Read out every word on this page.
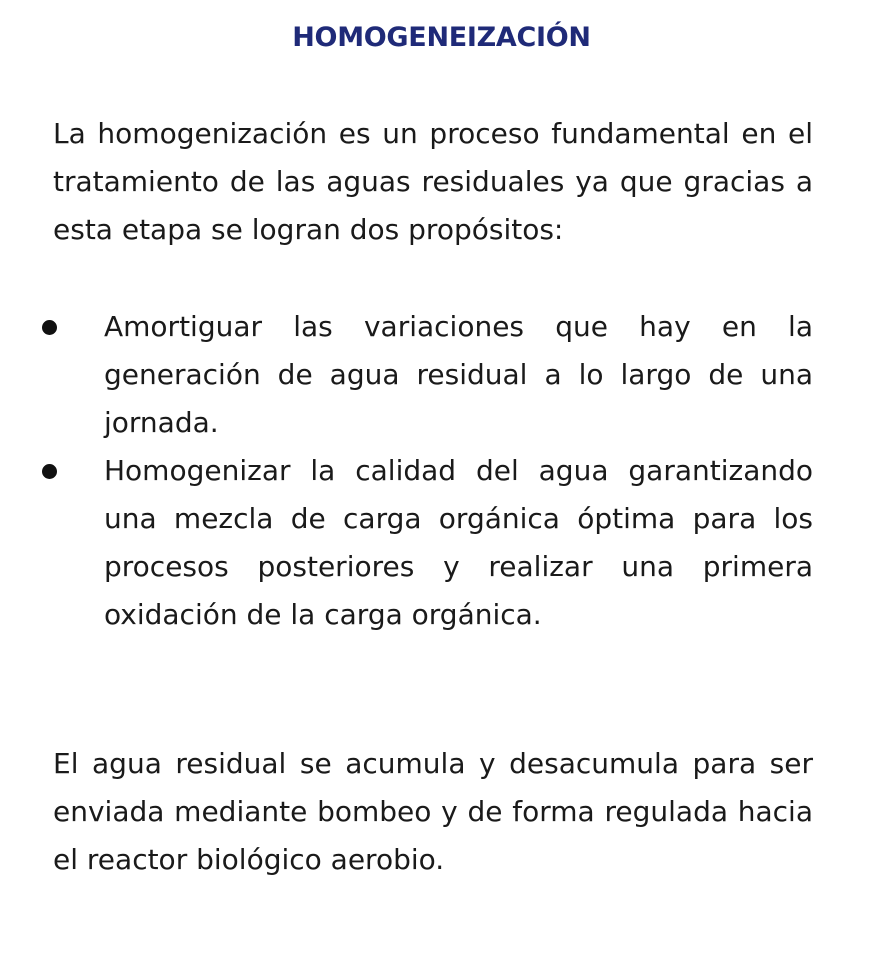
HOMOGENEIZACIÓN
La homogenización es un proceso fundamental en el tratamiento de las aguas residuales ya que gracias a esta etapa se logran dos propósitos:
Amortiguar las variaciones que hay en la generación de agua residual a lo largo de una jornada.
Homogenizar la calidad del agua garantizando una mezcla de carga orgánica óptima para los procesos posteriores y realizar una primera oxidación de la carga orgánica.
El agua residual se acumula y desacumula para ser enviada mediante bombeo y de forma regulada hacia el reactor biológico aerobio.
